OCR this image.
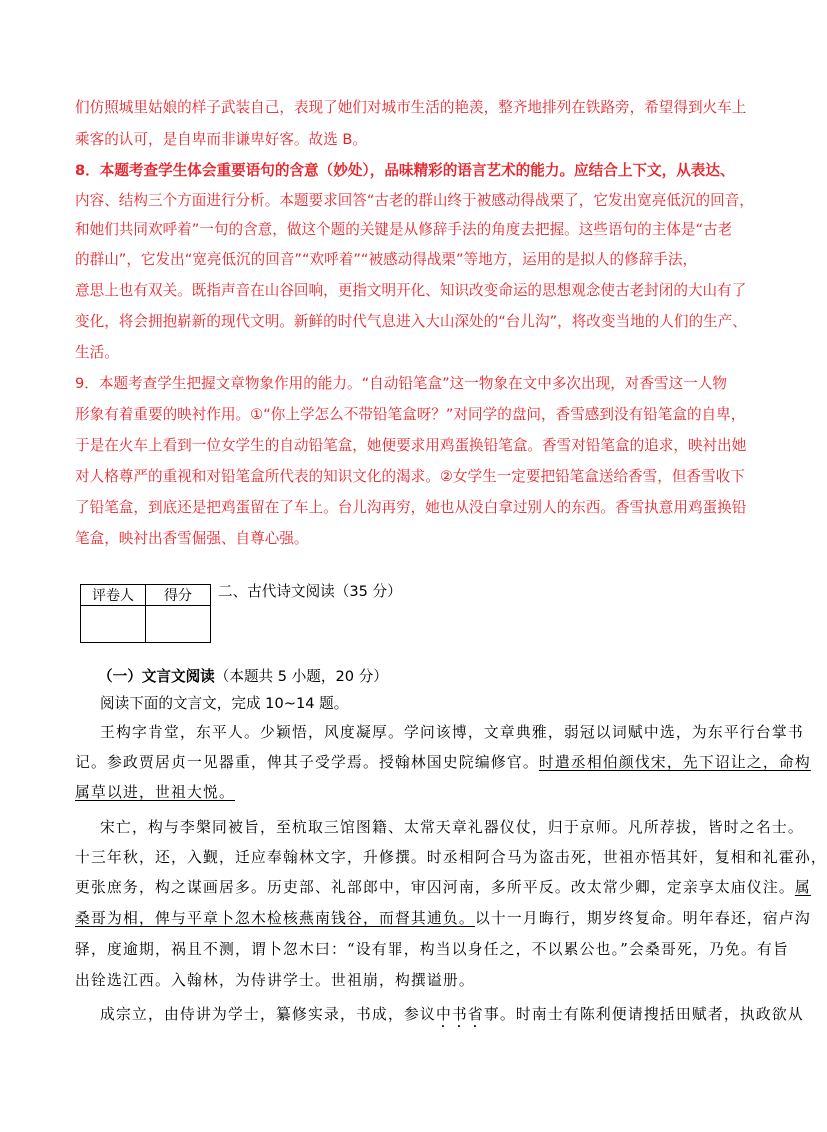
们仿照城里姑娘的样子武装自己，表现了她们对城市生活的艳羡，整齐地排列在铁路旁，希望得到火车上
乘客的认可，是自卑而非谦卑好客。故选 B。
8．本题考查学生体会重要语句的含意（妙处），品味精彩的语言艺术的能力。应结合上下文，从表达、
内容、结构三个方面进行分析。本题要求回答“古老的群山终于被感动得战栗了，它发出宽亮低沉的回音，
和她们共同欢呼着”一句的含意，做这个题的关键是从修辞手法的角度去把握。这些语句的主体是“古老
的群山”，它发出“宽亮低沉的回音”“欢呼着”“被感动得战栗”等地方，运用的是拟人的修辞手法，
意思上也有双关。既指声音在山谷回响，更指文明开化、知识改变命运的思想观念使古老封闭的大山有了
变化，将会拥抱崭新的现代文明。新鲜的时代气息进入大山深处的“台儿沟”，将改变当地的人们的生产、
生活。
9．本题考查学生把握文章物象作用的能力。“自动铅笔盒”这一物象在文中多次出现，对香雪这一人物
形象有着重要的映衬作用。①“你上学怎么不带铅笔盒呀？”对同学的盘问，香雪感到没有铅笔盒的自卑，
于是在火车上看到一位女学生的自动铅笔盒，她便要求用鸡蛋换铅笔盒。香雪对铅笔盒的追求，映衬出她
对人格尊严的重视和对铅笔盒所代表的知识文化的渴求。②女学生一定要把铅笔盒送给香雪，但香雪收下
了铅笔盒，到底还是把鸡蛋留在了车上。台儿沟再穷，她也从没白拿过别人的东西。香雪执意用鸡蛋换铅
笔盒，映衬出香雪倔强、自尊心强。
评卷人	得分
	二、古代诗文阅读（35 分）
（一）文言文阅读（本题共 5 小题，20 分）
阅读下面的文言文，完成 10~14 题。
王构字肯堂，东平人。少颖悟，风度凝厚。学问该博，文章典雅，弱冠以词赋中选，为东平行台掌书
记。参政贾居贞一见器重，俾其子受学焉。授翰林国史院编修官。时遣丞相伯颜伐宋，先下诏让之，命构
属草以进，世祖大悦。
宋亡，构与李槃同被旨，至杭取三馆图籍、太常天章礼器仪仗，归于京师。凡所荐拔，皆时之名士。
十三年秋，还，入觐，迁应奉翰林文字，升修撰。时丞相阿合马为盗击死，世祖亦悟其奸，复相和礼霍孙，
更张庶务，构之谋画居多。历吏部、礼部郎中，审囚河南，多所平反。改太常少卿，定亲享太庙仪注。属
桑哥为相，俾与平章卜忽木检核燕南钱谷，而督其逋负。以十一月晦行，期岁终复命。明年春还，宿卢沟
驿，度逾期，祸且不测，谓卜忽木曰：“设有罪，构当以身任之，不以累公也。”会桑哥死，乃免。有旨
出铨选江西。入翰林，为侍讲学士。世祖崩，构撰谥册。
成宗立，由侍讲为学士，纂修实录，书成，参议中书省事。时南士有陈利便请搜括田赋者，执政欲从
